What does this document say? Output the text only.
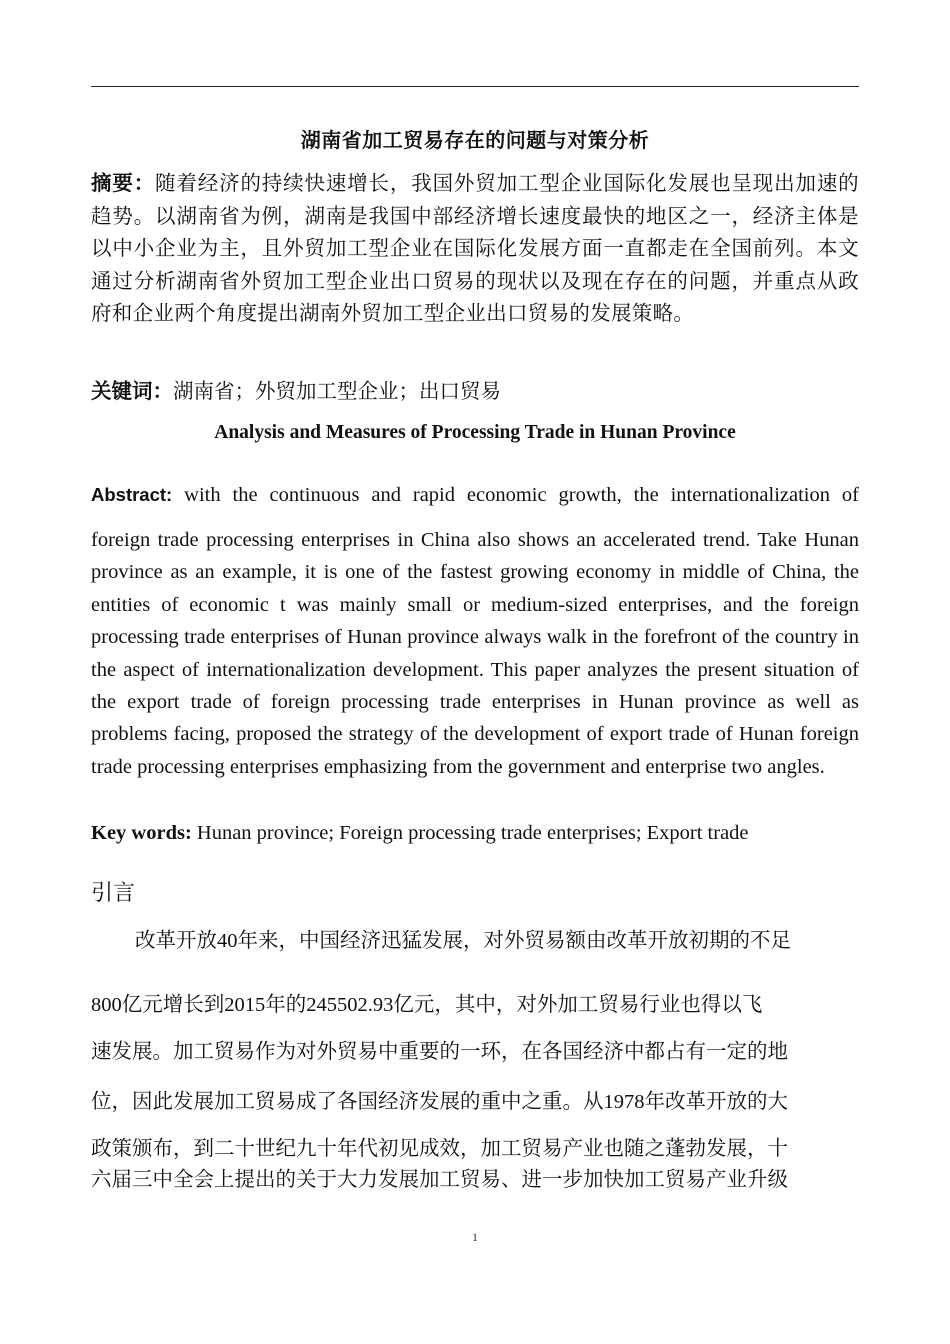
湖南省加工贸易存在的问题与对策分析
摘要：随着经济的持续快速增长，我国外贸加工型企业国际化发展也呈现出加速的趋势。以湖南省为例，湖南是我国中部经济增长速度最快的地区之一，经济主体是以中小企业为主，且外贸加工型企业在国际化发展方面一直都走在全国前列。本文通过分析湖南省外贸加工型企业出口贸易的现状以及现在存在的问题，并重点从政府和企业两个角度提出湖南外贸加工型企业出口贸易的发展策略。
关键词：湖南省；外贸加工型企业；出口贸易
Analysis and Measures of Processing Trade in Hunan Province
Abstract: with the continuous and rapid economic growth, the internationalization of
foreign trade processing enterprises in China also shows an accelerated trend. Take Hunan province as an example, it is one of the fastest growing economy in middle of China, the entities of economic t was mainly small or medium-sized enterprises, and the foreign processing trade enterprises of Hunan province always walk in the forefront of the country in the aspect of internationalization development. This paper analyzes the present situation of the export trade of foreign processing trade enterprises in Hunan province as well as problems facing, proposed the strategy of the development of export trade of Hunan foreign trade processing enterprises emphasizing from the government and enterprise two angles.
Key words: Hunan province; Foreign processing trade enterprises; Export trade
引言
改革开放40年来，中国经济迅猛发展，对外贸易额由改革开放初期的不足
800亿元增长到2015年的245502.93亿元，其中，对外加工贸易行业也得以飞
速发展。加工贸易作为对外贸易中重要的一环，在各国经济中都占有一定的地
位，因此发展加工贸易成了各国经济发展的重中之重。从1978年改革开放的大
政策颁布，到二十世纪九十年代初见成效，加工贸易产业也随之蓬勃发展，十
六届三中全会上提出的关于大力发展加工贸易、进一步加快加工贸易产业升级
1
